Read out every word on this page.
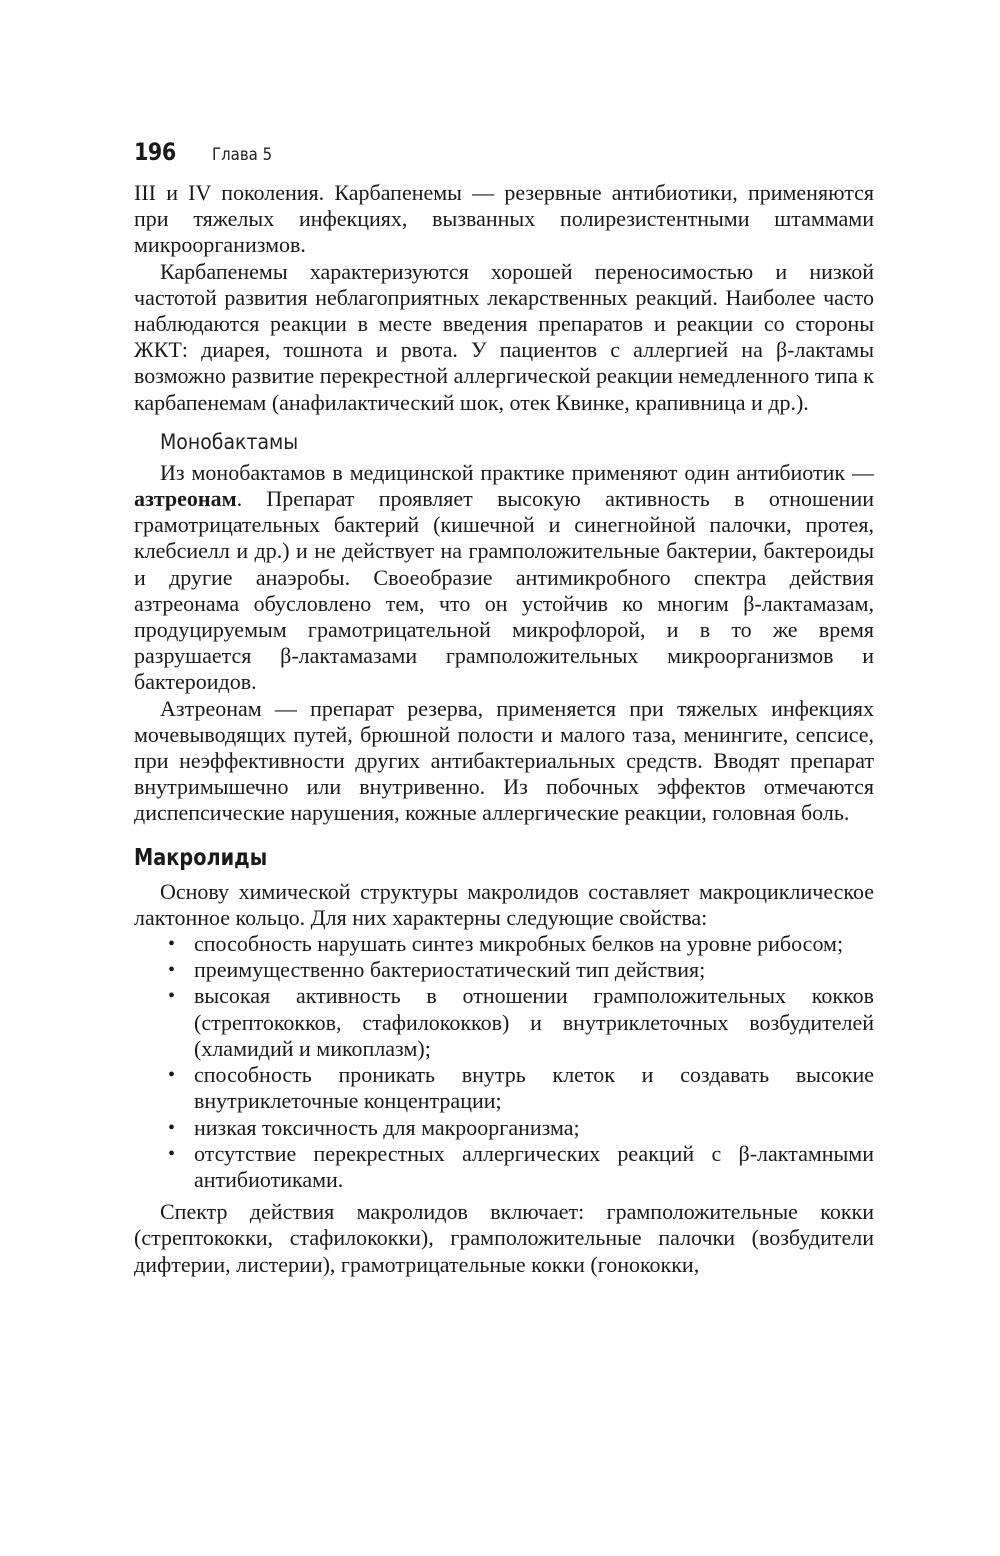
196	Глава 5

III и IV поколения. Карбапенемы — резервные антибиотики, применяются при тяжелых инфекциях, вызванных полирезистентными штаммами микроорганизмов.

Карбапенемы характеризуются хорошей переносимостью и низкой частотой развития неблагоприятных лекарственных реакций. Наиболее часто наблюдаются реакции в месте введения препаратов и реакции со стороны ЖКТ: диарея, тошнота и рвота. У пациентов с аллергией на β-лактамы возможно развитие перекрестной аллергической реакции немедленного типа к карбапенемам (анафилактический шок, отек Квинке, крапивница и др.).

Монобактамы

Из монобактамов в медицинской практике применяют один антибиотик — азтреонам. Препарат проявляет высокую активность в отношении грамотрицательных бактерий (кишечной и синегнойной палочки, протея, клебсиелл и др.) и не действует на грамположительные бактерии, бактероиды и другие анаэробы. Своеобразие антимикробного спектра действия азтреонама обусловлено тем, что он устойчив ко многим β-лактамазам, продуцируемым грамотрицательной микрофлорой, и в то же время разрушается β-лактамазами грамположительных микроорганизмов и бактероидов.

Азтреонам — препарат резерва, применяется при тяжелых инфекциях мочевыводящих путей, брюшной полости и малого таза, менингите, сепсисе, при неэффективности других антибактериальных средств. Вводят препарат внутримышечно или внутривенно. Из побочных эффектов отмечаются диспепсические нарушения, кожные аллергические реакции, головная боль.

Макролиды

Основу химической структуры макролидов составляет макроциклическое лактонное кольцо. Для них характерны следующие свойства:

• способность нарушать синтез микробных белков на уровне рибосом;
• преимущественно бактериостатический тип действия;
• высокая активность в отношении грамположительных кокков (стрептококков, стафилококков) и внутриклеточных возбудителей (хламидий и микоплазм);
• способность проникать внутрь клеток и создавать высокие внутриклеточные концентрации;
• низкая токсичность для макроорганизма;
• отсутствие перекрестных аллергических реакций с β-лактамными антибиотиками.

Спектр действия макролидов включает: грамположительные кокки (стрептококки, стафилококки), грамположительные палочки (возбудители дифтерии, листерии), грамотрицательные кокки (гонококки,
